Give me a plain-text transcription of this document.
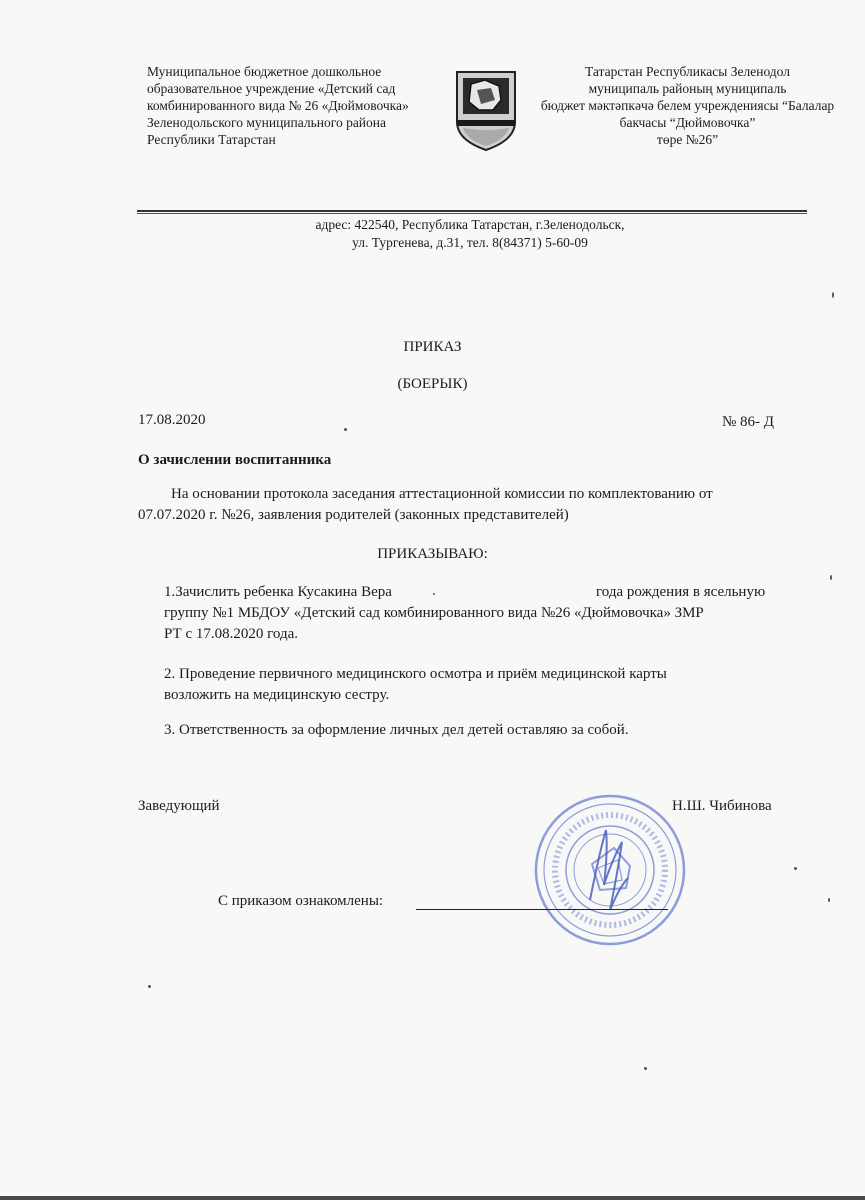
Муниципальное бюджетное дошкольное
образовательное учреждение «Детский сад
комбинированного вида № 26 «Дюймовочка»
Зеленодольского муниципального района
Республики Татарстан
Татарстан Республикасы Зеленодол
муниципаль районың муниципаль
бюджет мәктәпкәчә белем учреждениясы “Балалар
бакчасы “Дюймовочка”
төре №26”
адрес: 422540, Республика Татарстан, г.Зеленодольск,
ул. Тургенева, д.31, тел. 8(84371) 5-60-09
ПРИКАЗ
(БОЕРЫК)
17.08.2020	№ 86- Д
О зачислении воспитанника
На основании протокола заседания аттестационной комиссии по комплектованию от
07.07.2020 г. №26, заявления родителей (законных представителей)
ПРИКАЗЫВАЮ:
1.Зачислить ребенка Кусакина Вера	года рождения в ясельную
группу №1 МБДОУ «Детский сад комбинированного вида №26 «Дюймовочка» ЗМР
РТ с 17.08.2020 года.
2. Проведение первичного медицинского осмотра и приём медицинской карты
возложить на медицинскую сестру.
3. Ответственность за оформление личных дел детей оставляю за собой.
Заведующий	Н.Ш. Чибинова
С приказом ознакомлены:
